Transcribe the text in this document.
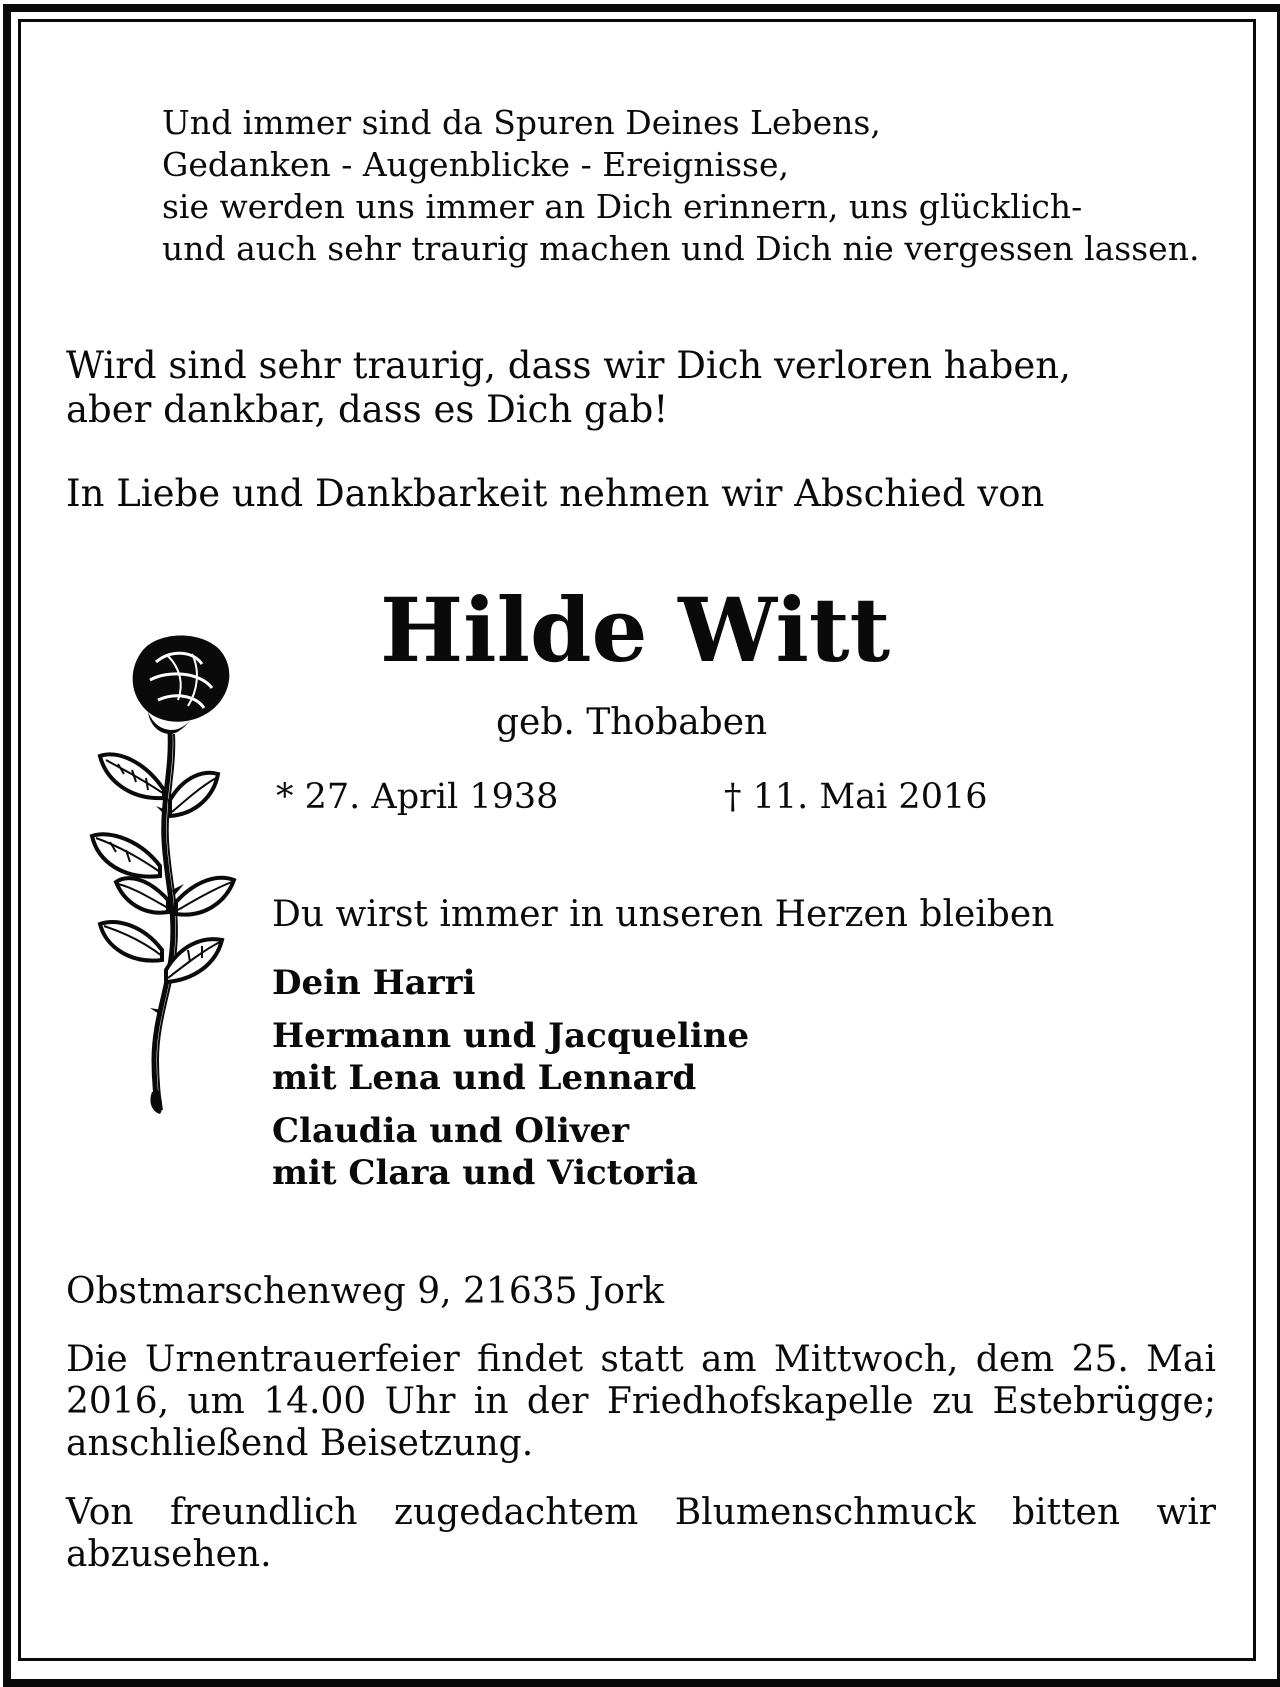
Und immer sind da Spuren Deines Lebens,
Gedanken - Augenblicke - Ereignisse,
sie werden uns immer an Dich erinnern, uns glücklich-
und auch sehr traurig machen und Dich nie vergessen lassen.
Wird sind sehr traurig, dass wir Dich verloren haben,
aber dankbar, dass es Dich gab!
In Liebe und Dankbarkeit nehmen wir Abschied von
Hilde Witt
geb. Thobaben
* 27. April 1938	† 11. Mai 2016
Du wirst immer in unseren Herzen bleiben
Dein Harri
Hermann und Jacqueline
mit Lena und Lennard
Claudia und Oliver
mit Clara und Victoria
Obstmarschenweg 9, 21635 Jork

Die Urnentrauerfeier findet statt am Mittwoch, dem 25. Mai 2016, um 14.00 Uhr in der Friedhofskapelle zu Estebrügge; anschließend Beisetzung.

Von freundlich zugedachtem Blumenschmuck bitten wir abzusehen.
